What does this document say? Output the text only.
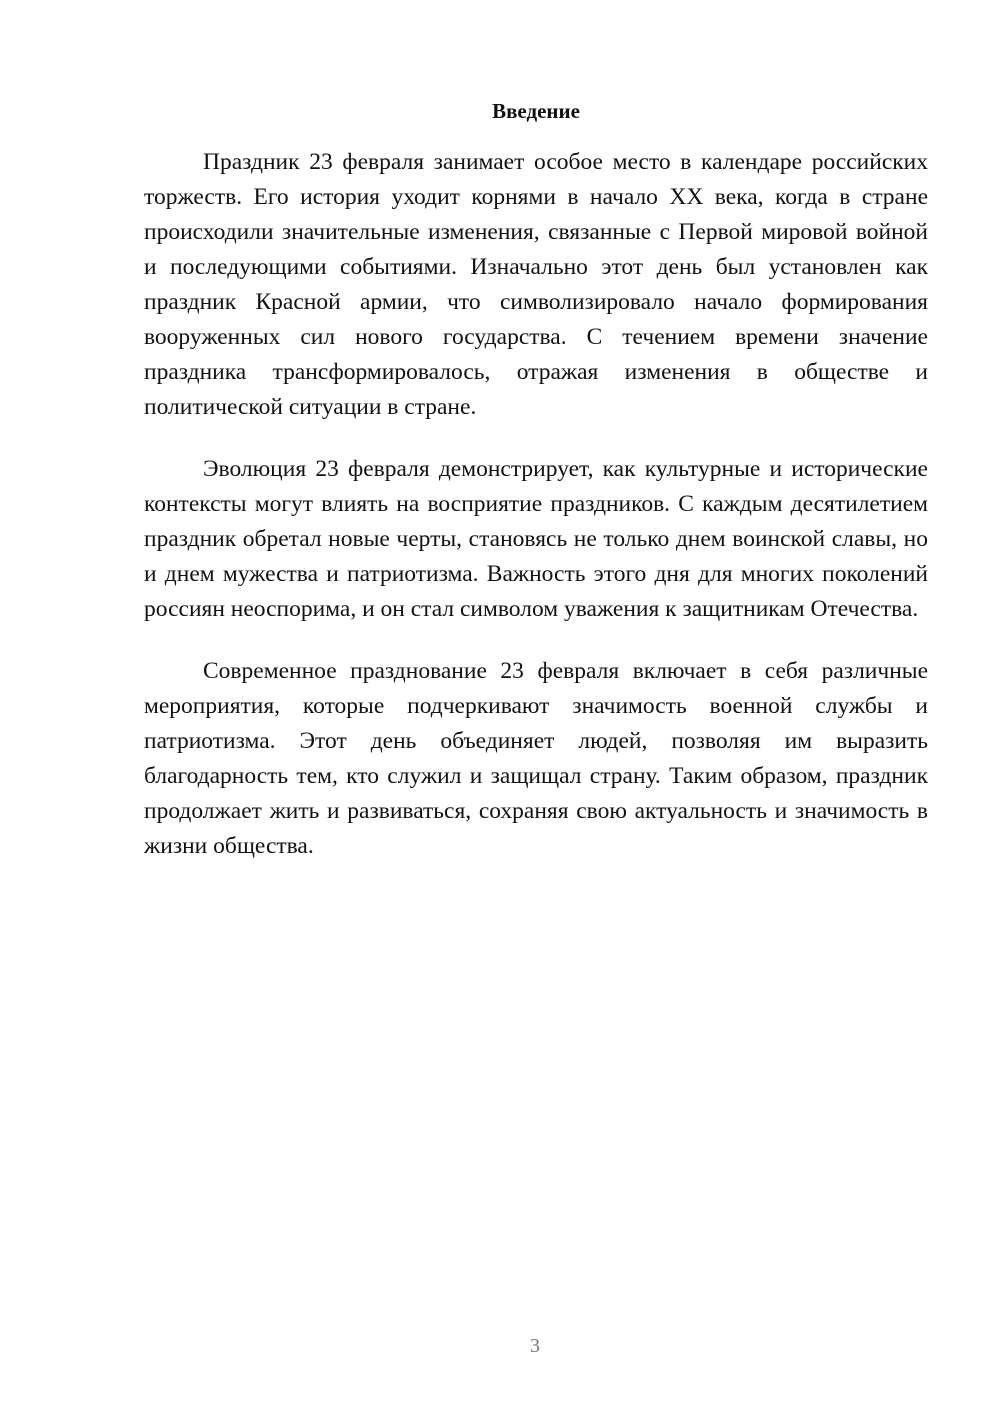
Введение

Праздник 23 февраля занимает особое место в календаре российских торжеств. Его история уходит корнями в начало XX века, когда в стране происходили значительные изменения, связанные с Первой мировой войной и последующими событиями. Изначально этот день был установлен как праздник Красной армии, что символизировало начало формирования вооруженных сил нового государства. С течением времени значение праздника трансформировалось, отражая изменения в обществе и политической ситуации в стране.

Эволюция 23 февраля демонстрирует, как культурные и исторические контексты могут влиять на восприятие праздников. С каждым десятилетием праздник обретал новые черты, становясь не только днем воинской славы, но и днем мужества и патриотизма. Важность этого дня для многих поколений россиян неоспорима, и он стал символом уважения к защитникам Отечества.

Современное празднование 23 февраля включает в себя различные мероприятия, которые подчеркивают значимость военной службы и патриотизма. Этот день объединяет людей, позволяя им выразить благодарность тем, кто служил и защищал страну. Таким образом, праздник продолжает жить и развиваться, сохраняя свою актуальность и значимость в жизни общества.

3
